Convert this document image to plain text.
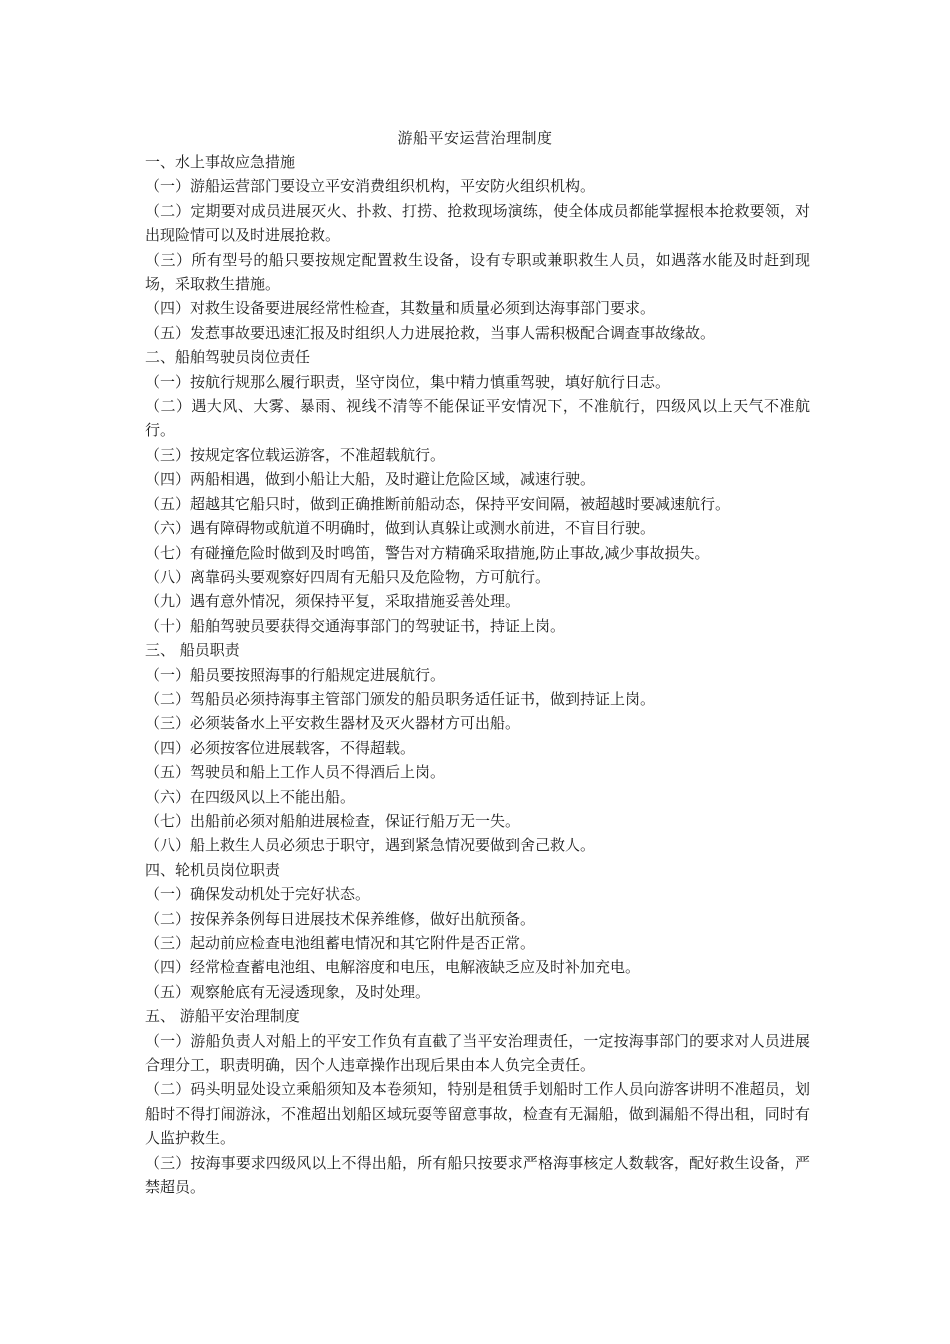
游船平安运营治理制度
一、水上事故应急措施
（一）游船运营部门要设立平安消费组织机构，平安防火组织机构。
（二）定期要对成员进展灭火、扑救、打捞、抢救现场演练，使全体成员都能掌握根本抢救要领，对出现险情可以及时进展抢救。
（三）所有型号的船只要按规定配置救生设备，设有专职或兼职救生人员，如遇落水能及时赶到现场，采取救生措施。
（四）对救生设备要进展经常性检查，其数量和质量必须到达海事部门要求。
（五）发惹事故要迅速汇报及时组织人力进展抢救，当事人需积极配合调查事故缘故。
二、船舶驾驶员岗位责任
（一）按航行规那么履行职责，坚守岗位，集中精力慎重驾驶，填好航行日志。
（二）遇大风、大雾、暴雨、视线不清等不能保证平安情况下，不准航行，四级风以上天气不准航行。
（三）按规定客位载运游客，不准超载航行。
（四）两船相遇，做到小船让大船，及时避让危险区域，减速行驶。
（五）超越其它船只时，做到正确推断前船动态，保持平安间隔，被超越时要减速航行。
（六）遇有障碍物或航道不明确时，做到认真躲让或测水前进，不盲目行驶。
（七）有碰撞危险时做到及时鸣笛，警告对方精确采取措施,防止事故,减少事故损失。
（八）离靠码头要观察好四周有无船只及危险物，方可航行。
（九）遇有意外情况，须保持平复，采取措施妥善处理。
（十）船舶驾驶员要获得交通海事部门的驾驶证书，持证上岗。
三、 船员职责
（一）船员要按照海事的行船规定进展航行。
（二）驾船员必须持海事主管部门颁发的船员职务适任证书，做到持证上岗。
（三）必须装备水上平安救生器材及灭火器材方可出船。
（四）必须按客位进展载客，不得超载。
（五）驾驶员和船上工作人员不得酒后上岗。
（六）在四级风以上不能出船。
（七）出船前必须对船舶进展检查，保证行船万无一失。
（八）船上救生人员必须忠于职守，遇到紧急情况要做到舍己救人。
四、轮机员岗位职责
（一）确保发动机处于完好状态。
（二）按保养条例每日进展技术保养维修，做好出航预备。
（三）起动前应检查电池组蓄电情况和其它附件是否正常。
（四）经常检查蓄电池组、电解溶度和电压，电解液缺乏应及时补加充电。
（五）观察舱底有无浸透现象，及时处理。
五、 游船平安治理制度
（一）游船负责人对船上的平安工作负有直截了当平安治理责任，一定按海事部门的要求对人员进展合理分工，职责明确，因个人违章操作出现后果由本人负完全责任。
（二）码头明显处设立乘船须知及本卷须知，特别是租赁手划船时工作人员向游客讲明不准超员，划船时不得打闹游泳，不准超出划船区域玩耍等留意事故，检查有无漏船，做到漏船不得出租，同时有人监护救生。
（三）按海事要求四级风以上不得出船，所有船只按要求严格海事核定人数载客，配好救生设备，严禁超员。
